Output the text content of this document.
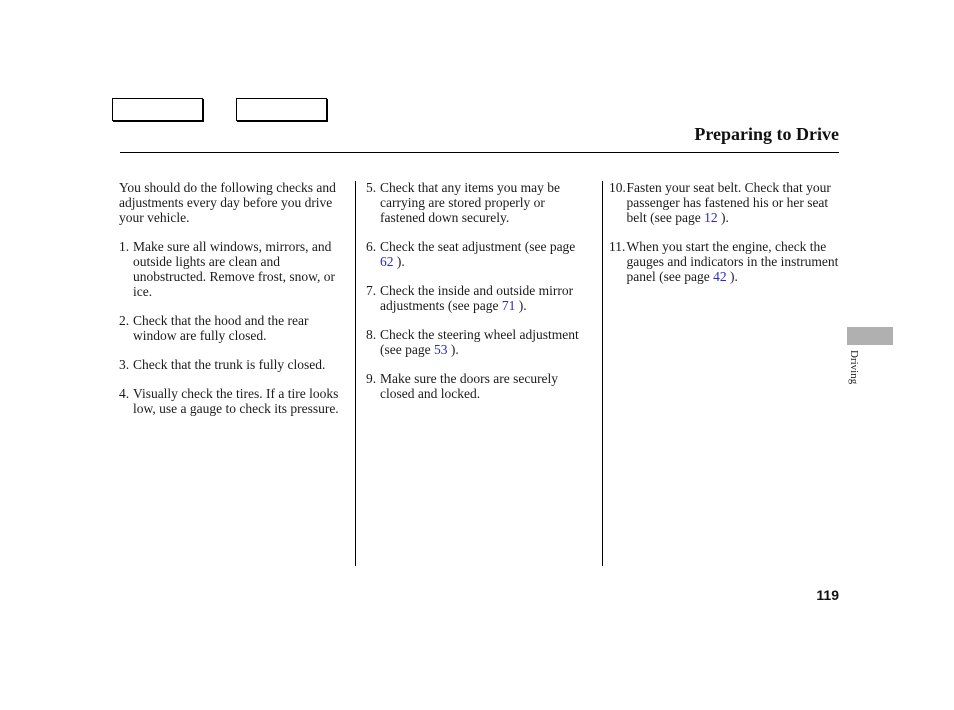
Preparing to Drive

You should do the following checks and adjustments every day before you drive your vehicle.

1. Make sure all windows, mirrors, and outside lights are clean and unobstructed. Remove frost, snow, or ice.
2. Check that the hood and the rear window are fully closed.
3. Check that the trunk is fully closed.
4. Visually check the tires. If a tire looks low, use a gauge to check its pressure.
5. Check that any items you may be carrying are stored properly or fastened down securely.
6. Check the seat adjustment (see page 62 ).
7. Check the inside and outside mirror adjustments (see page 71 ).
8. Check the steering wheel adjustment (see page 53 ).
9. Make sure the doors are securely closed and locked.
10. Fasten your seat belt. Check that your passenger has fastened his or her seat belt (see page 12 ).
11. When you start the engine, check the gauges and indicators in the instrument panel (see page 42 ).
Driving
119
